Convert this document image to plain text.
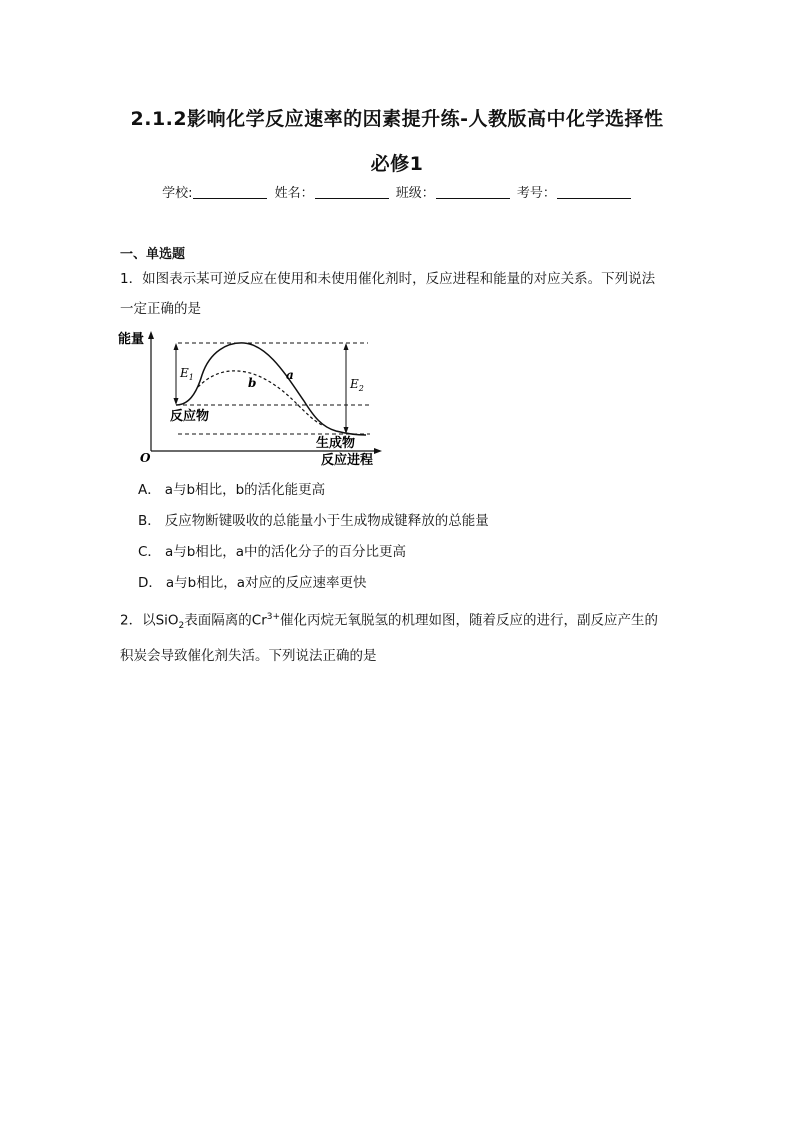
2.1.2影响化学反应速率的因素提升练-人教版高中化学选择性
必修1
学校:	姓名：	班级：	考号：
一、单选题
1．如图表示某可逆反应在使用和未使用催化剂时，反应进程和能量的对应关系。下列说法
一定正确的是
能量
O	反应进程
$E_1$	$E_2$
a
b
反应物
生成物
A． a与b相比，b的活化能更高
B． 反应物断键吸收的总能量小于生成物成键释放的总能量
C． a与b相比，a中的活化分子的百分比更高
D． a与b相比，a对应的反应速率更快
2．以SiO$_2$表面隔离的$Cr^{3+}$催化丙烷无氧脱氢的机理如图，随着反应的进行，副反应产生的
积炭会导致催化剂失活。下列说法正确的是
